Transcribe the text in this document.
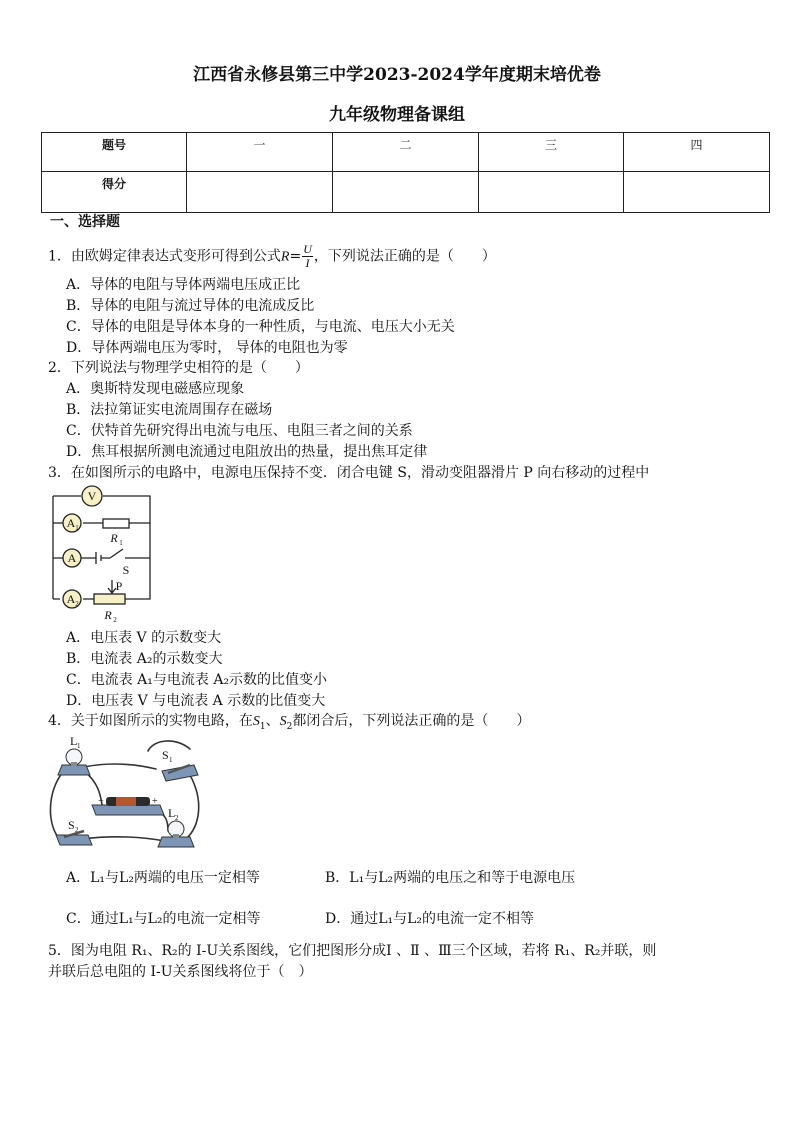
江西省永修县第三中学2023-2024学年度期末培优卷
九年级物理备课组
题号	一	二	三	四
得分				
一、选择题
1．由欧姆定律表达式变形可得到公式$R= \frac{U}{I}$ ，下列说法正确的是（　　）
A．导体的电阻与导体两端电压成正比
B．导体的电阻与流过导体的电流成反比
C．导体的电阻是导体本身的一种性质，与电流、电压大小无关
D．导体两端电压为零时， 导体的电阻也为零
2．下列说法与物理学史相符的是（　　）
A．奥斯特发现电磁感应现象
B．法拉第证实电流周围存在磁场
C．伏特首先研究得出电流与电压、电阻三者之间的关系
D．焦耳根据所测电流通过电阻放出的热量，提出焦耳定律
3．在如图所示的电路中，电源电压保持不变．闭合电键 S，滑动变阻器滑片 P 向右移动的过程中
V
A 1
A
A 2
R 1
S
P
R 2
A．电压表 V 的示数变大
B．电流表 A₂的示数变大
C．电流表 A₁与电流表 A₂示数的比值变小
D．电压表 V 与电流表 A 示数的比值变大
4．关于如图所示的实物电路，在$S_1$、$S_2$都闭合后，下列说法正确的是（　　）
L 1
S 1
S 2
L 2
−	+
A．L₁与L₂两端的电压一定相等	B．L₁与L₂两端的电压之和等于电源电压
C．通过L₁与L₂的电流一定相等	D．通过L₁与L₂的电流一定不相等
5．图为电阻 R₁、R₂的 I-U关系图线，它们把图形分成Ⅰ 、Ⅱ 、Ⅲ三个区域，若将 R₁、R₂并联，则
并联后总电阻的 I-U关系图线将位于（　）
